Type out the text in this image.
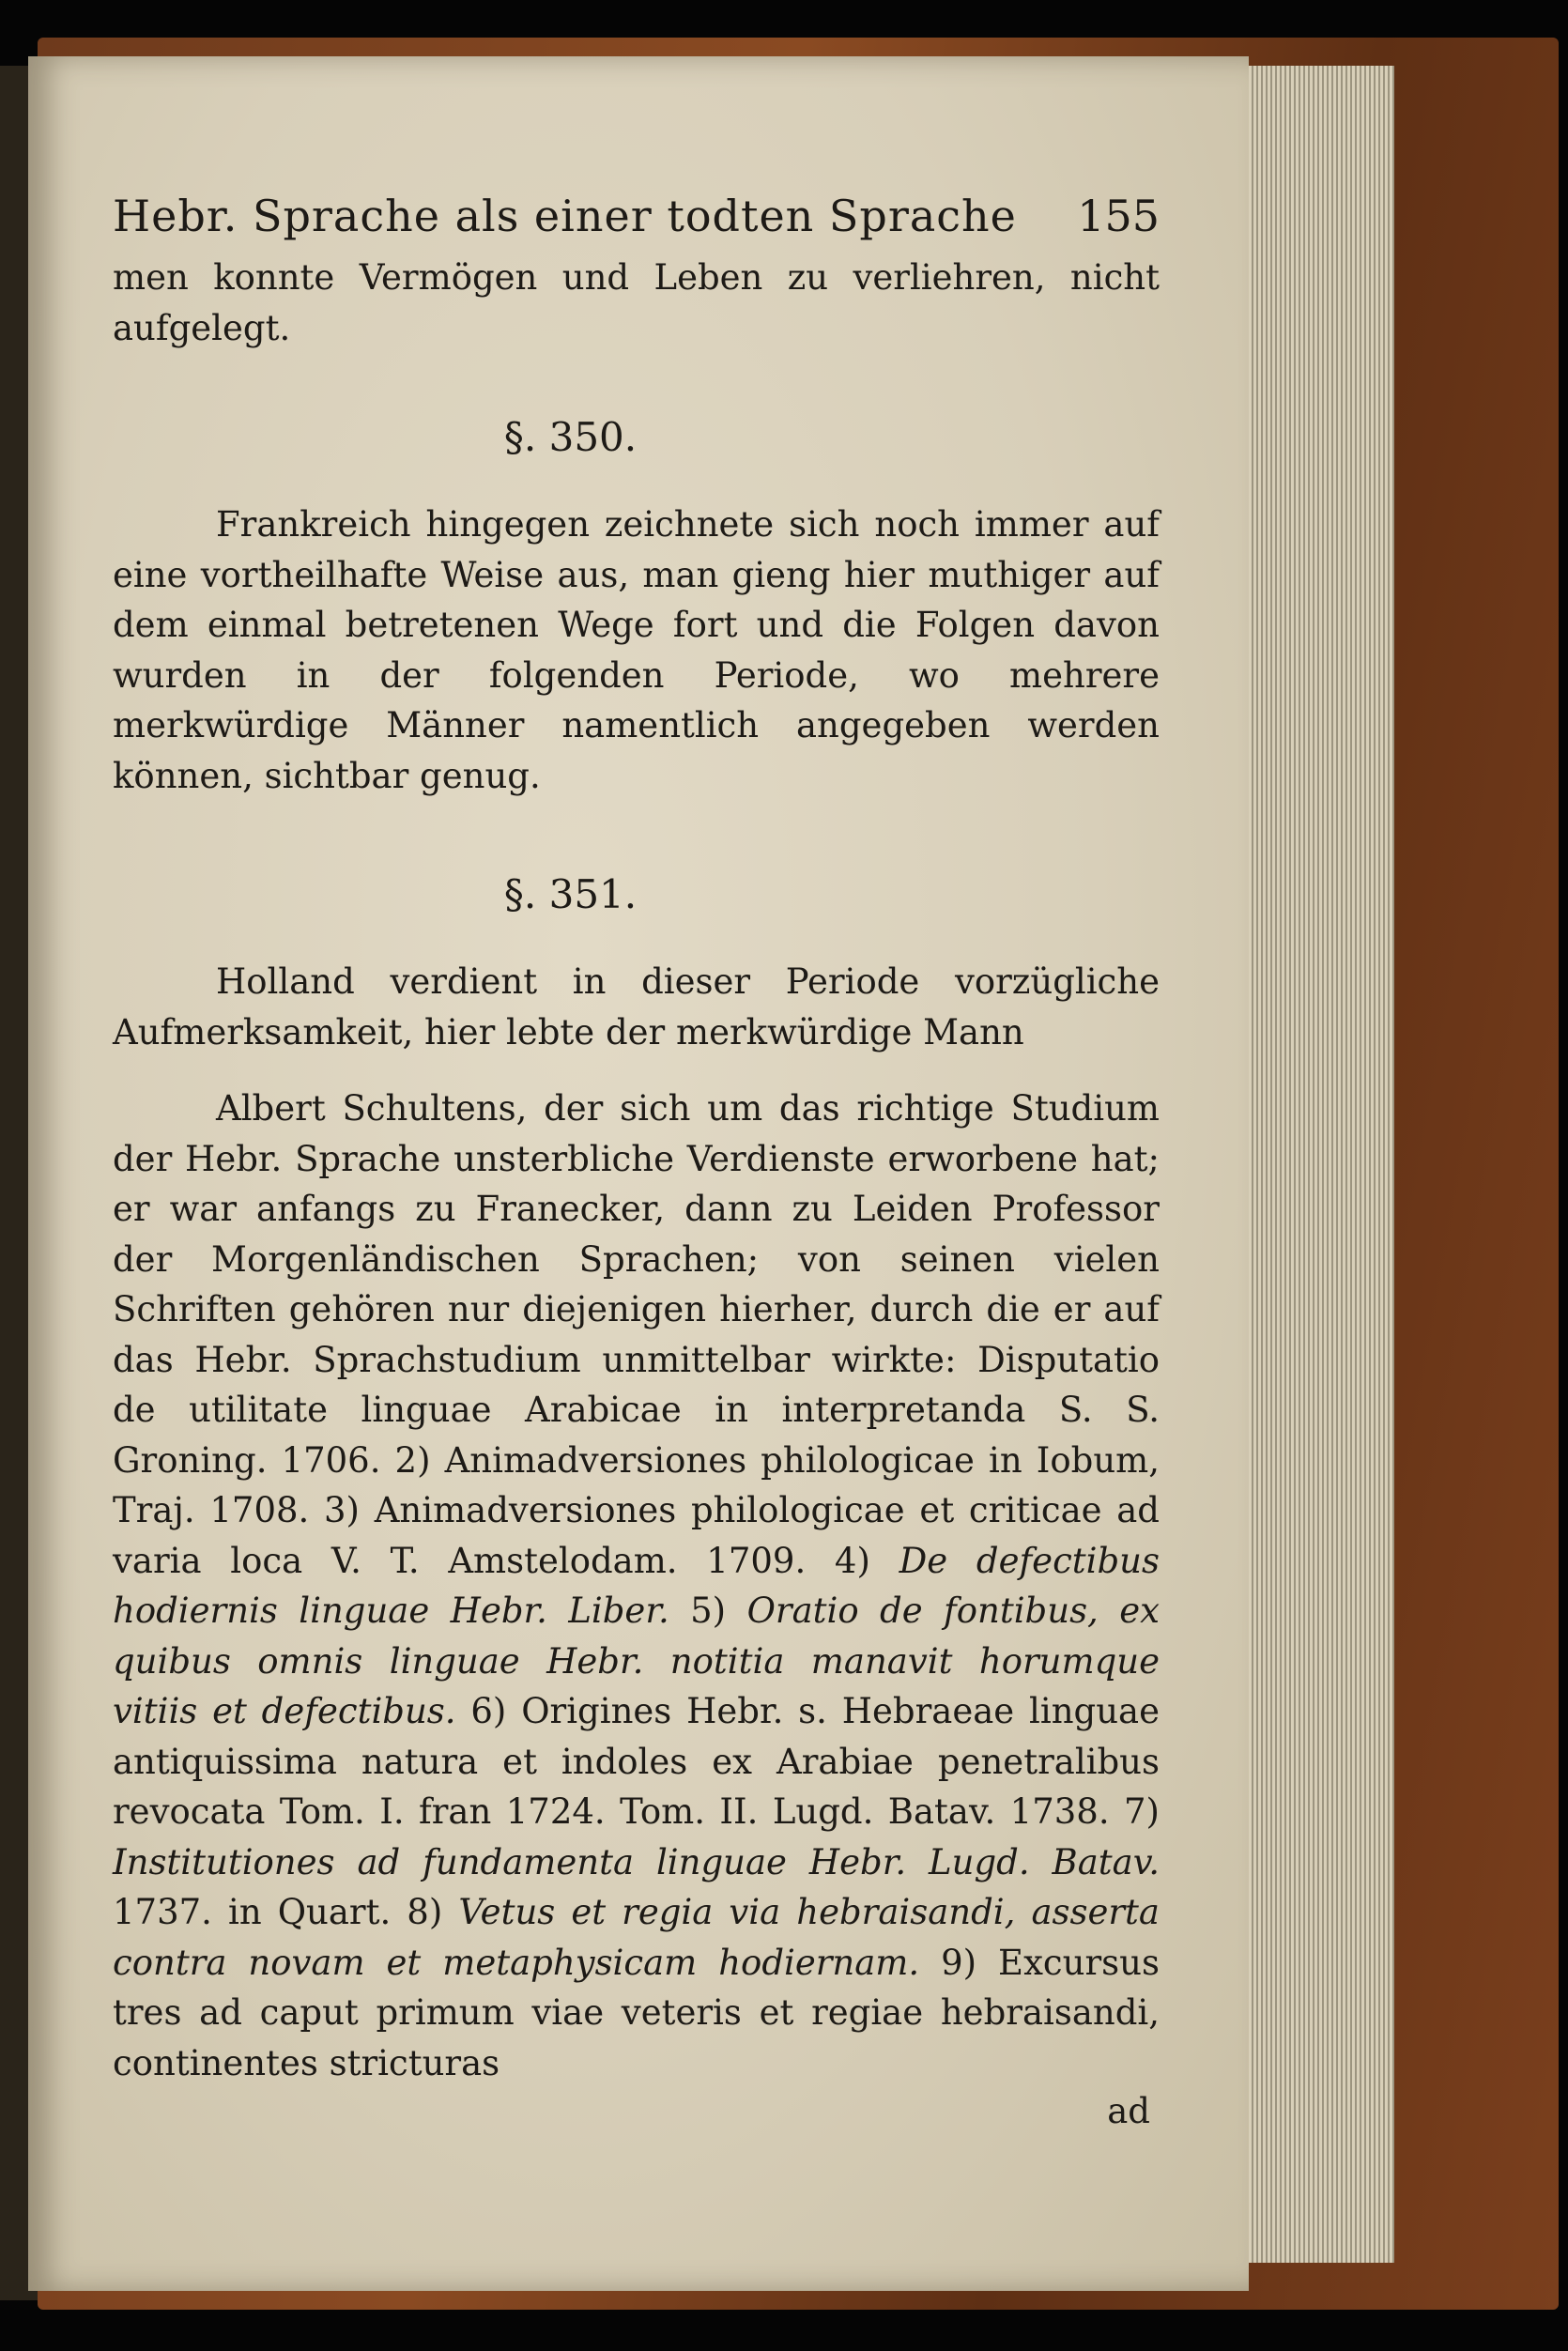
Hebr. Sprache als einer todten Sprache 155

men konnte Vermögen und Leben zu verliehren, nicht aufgelegt.

§. 350.

Frankreich hingegen zeichnete sich noch immer auf eine vortheilhafte Weise aus, man gieng hier muthiger auf dem einmal betretenen Wege fort und die Folgen davon wurden in der folgenden Periode, wo mehrere merkwürdige Männer namentlich angegeben werden können, sichtbar genug.

§. 351.

Holland verdient in dieser Periode vorzügliche Aufmerksamkeit, hier lebte der merkwürdige Mann

Albert Schultens, der sich um das richtige Studium der Hebr. Sprache unsterbliche Verdienste erworbene hat; er war anfangs zu Franecker, dann zu Leiden Professor der Morgenländischen Sprachen; von seinen vielen Schriften gehören nur diejenigen hierher, durch die er auf das Hebr. Sprachstudium unmittelbar wirkte: Disputatio de utilitate linguae Arabicae in interpretanda S. S. Groning. 1706. 2) Animadversiones philologicae in Iobum, Traj. 1708. 3) Animadversiones philologicae et criticae ad varia loca V. T. Amstelodam. 1709. 4) De defectibus hodiernis linguae Hebr. Liber. 5) Oratio de fontibus, ex quibus omnis linguae Hebr. notitia manavit horumque vitiis et defectibus. 6) Origines Hebr. s. Hebraeae linguae antiquissima natura et indoles ex Arabiae penetralibus revocata Tom. I. fran 1724. Tom. II. Lugd. Batav. 1738. 7) Institutiones ad fundamenta linguae Hebr. Lugd. Batav. 1737. in Quart. 8) Vetus et regia via hebraisandi, asserta contra novam et metaphysicam hodiernam. 9) Excursus tres ad caput primum viae veteris et regiae hebraisandi, continentes stricturas

ad
